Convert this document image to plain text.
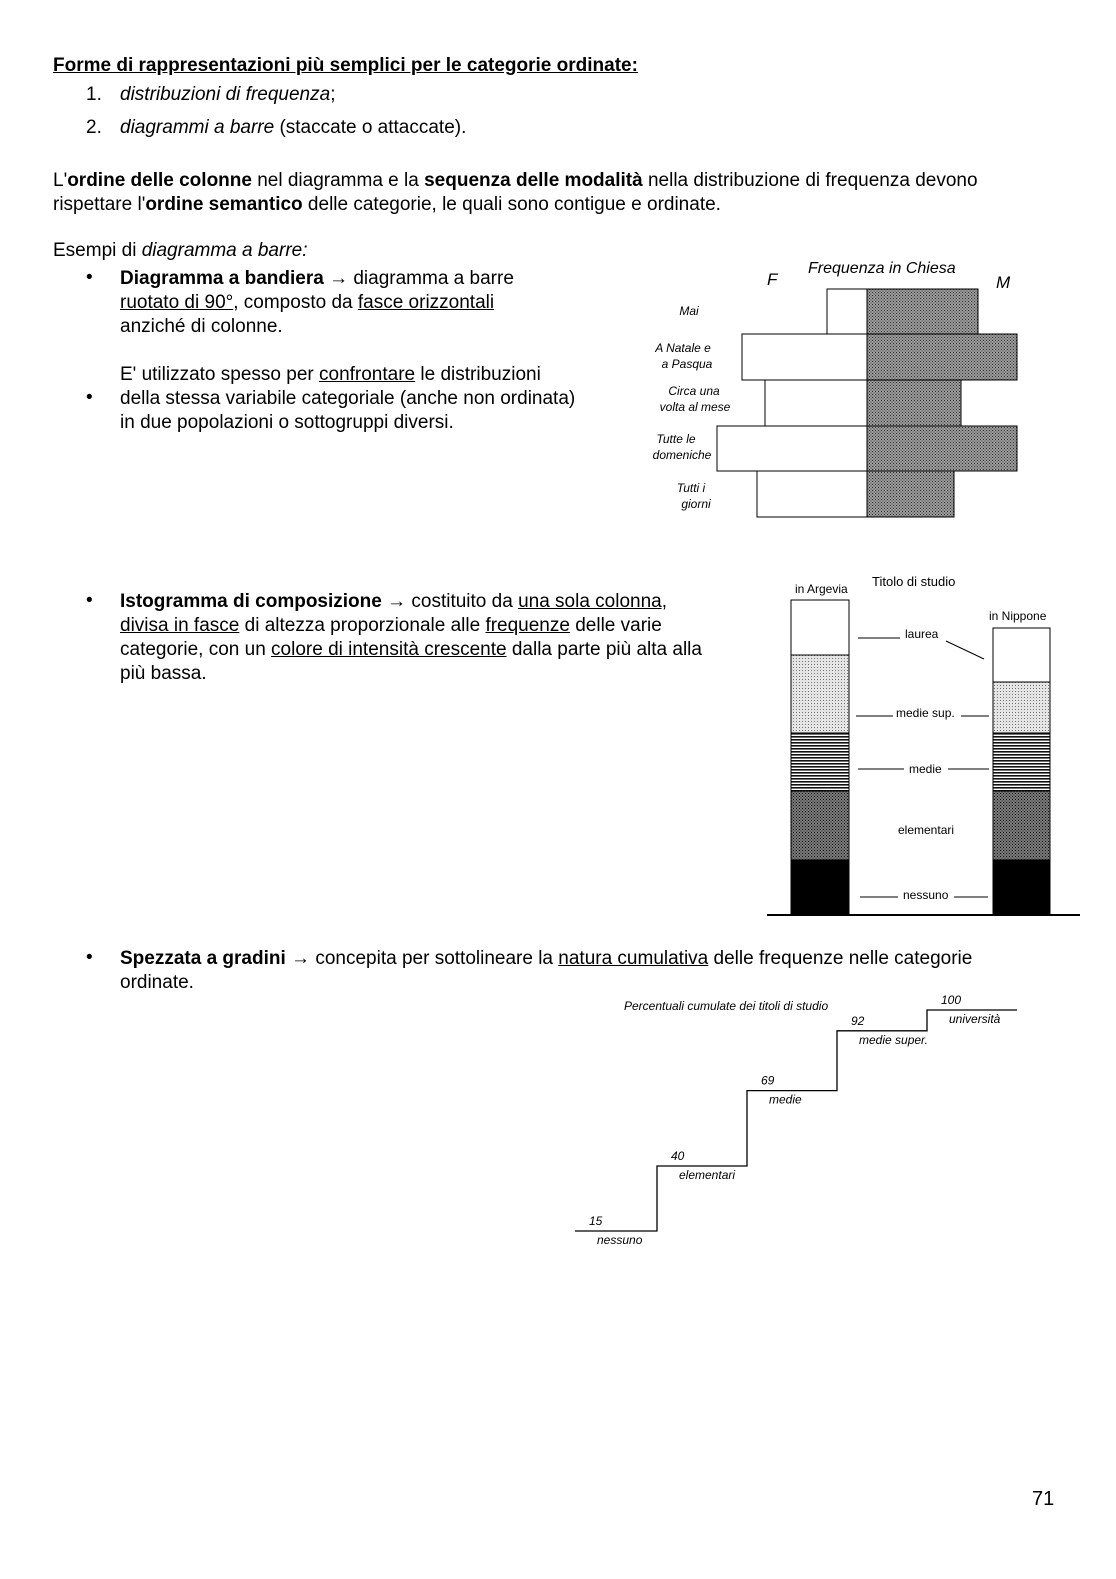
Forme di rappresentazioni più semplici per le categorie ordinate:
1. distribuzioni di frequenza;
2. diagrammi a barre (staccate o attaccate).
L'ordine delle colonne nel diagramma e la sequenza delle modalità nella distribuzione di frequenza devono
rispettare l'ordine semantico delle categorie, le quali sono contigue e ordinate.
Esempi di diagramma a barre:
• Diagramma a bandiera → diagramma a barre
ruotato di 90°, composto da fasce orizzontali
anziché di colonne.

E' utilizzato spesso per confrontare le distribuzioni
della stessa variabile categoriale (anche non ordinata)
in due popolazioni o sottogruppi diversi.
•
Frequenza in Chiesa
F	M
Mai
A Natale e
a Pasqua
Circa una
volta al mese
Tutte le
domeniche
Tutti i
giorni
• Istogramma di composizione → costituito da una sola colonna,
divisa in fasce di altezza proporzionale alle frequenze delle varie
categorie, con un colore di intensità crescente dalla parte più alta alla
più bassa.
Titolo di studio
in Argevia
in Nippone
laurea
medie sup.
medie
elementari
nessuno
• Spezzata a gradini → concepita per sottolineare la natura cumulativa delle frequenze nelle categorie
ordinate.
Percentuali cumulate dei titoli di studio
15
nessuno
40
elementari
69
medie
92
medie super.
100
università
71
